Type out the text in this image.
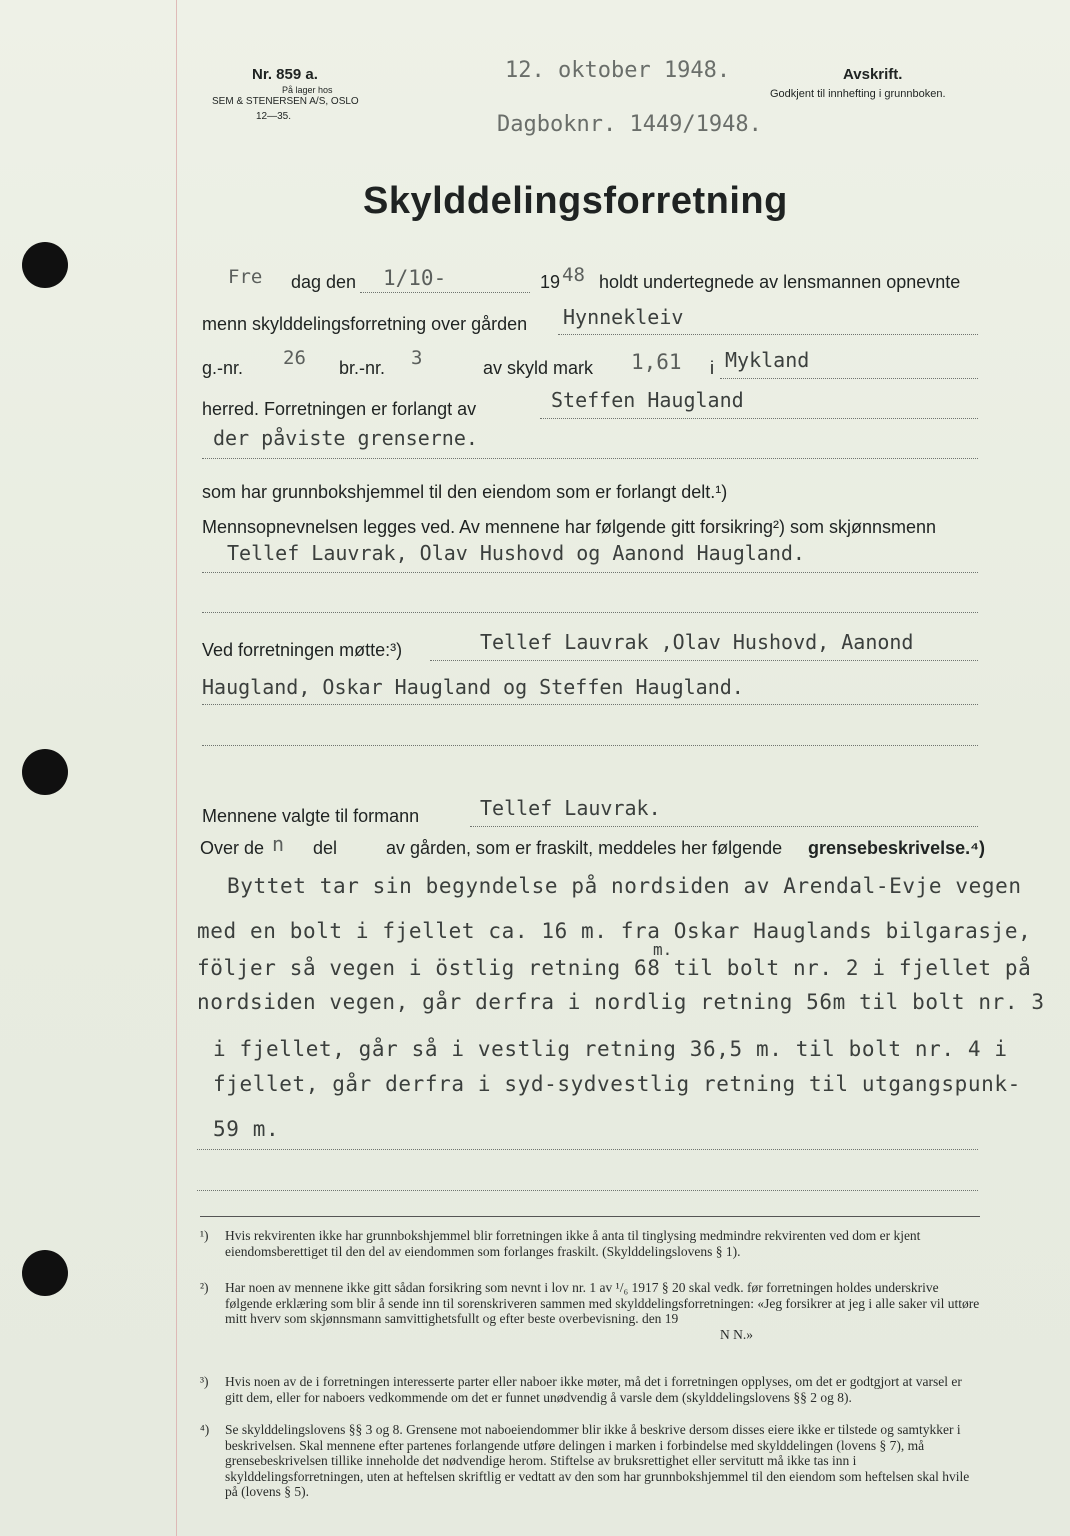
Nr. 859 a.
På lager hos
SEM & STENERSEN A/S, OSLO
12—35.
12. oktober 1948.
Dagboknr. 1449/1948.
Avskrift.
Godkjent til innhefting i grunnboken.
Skylddelingsforretning
Fre dag den 1/10-	19 48 holdt undertegnede av lensmannen opnevnte
menn skylddelingsforretning over gården Hynnekleiv
g.-nr. 26 br.-nr. 3	av skyld mark 1,61 i Mykland
herred. Forretningen er forlangt av	Steffen Haugland
der påviste grenserne.
som har grunnbokshjemmel til den eiendom som er forlangt delt.¹)
Mennsopnevnelsen legges ved. Av mennene har følgende gitt forsikring²) som skjønnsmenn
Tellef Lauvrak, Olav Hushovd og Aanond Haugland.
Ved forretningen møtte:³)	Tellef Lauvrak ,Olav Hushovd, Aanond
Haugland, Oskar Haugland og Steffen Haugland.
Mennene valgte til formann	Tellef Lauvrak.
Over de n del	av gården, som er fraskilt, meddeles her følgende grensebeskrivelse.⁴)
Byttet tar sin begyndelse på nordsiden av Arendal-Evje vegen
med en bolt i fjellet ca. 16 m. fra Oskar Hauglands bilgarasje,
m.
följer så vegen i östlig retning 68 til bolt nr. 2 i fjellet på
nordsiden vegen, går derfra i nordlig retning 56m til bolt nr. 3
i fjellet, går så i vestlig retning 36,5 m. til bolt nr. 4 i
fjellet, går derfra i syd-sydvestlig retning til utgangspunk-
59 m.
¹) Hvis rekvirenten ikke har grunnbokshjemmel blir forretningen ikke å anta til tinglysing medmindre rekvirenten ved dom er kjent eiendomsberettiget til den del av eiendommen som forlanges fraskilt. (Skylddelingslovens § 1).
²) Har noen av mennene ikke gitt sådan forsikring som nevnt i lov nr. 1 av ¹/₆ 1917 § 20 skal vedk. før forretningen holdes underskrive følgende erklæring som blir å sende inn til sorenskriveren sammen med skylddelingsforretningen: «Jeg forsikrer at jeg i alle saker vil uttøre mitt hverv som skjønnsmann samvittighetsfullt og efter beste overbevisning. den 19
N N.»
³) Hvis noen av de i forretningen interesserte parter eller naboer ikke møter, må det i forretningen opplyses, om det er godtgjort at varsel er gitt dem, eller for naboers vedkommende om det er funnet unødvendig å varsle dem (skylddelingslovens §§ 2 og 8).
⁴) Se skylddelingslovens §§ 3 og 8. Grensene mot naboeiendommer blir ikke å beskrive dersom disses eiere ikke er tilstede og samtykker i beskrivelsen. Skal mennene efter partenes forlangende utføre delingen i marken i forbindelse med skylddelingen (lovens § 7), må grensebeskrivelsen tillike inneholde det nødvendige herom. Stiftelse av bruksrettighet eller servitutt må ikke tas inn i skylddelingsforretningen, uten at heftelsen skriftlig er vedtatt av den som har grunnbokshjemmel til den eiendom som heftelsen skal hvile på (lovens § 5).
